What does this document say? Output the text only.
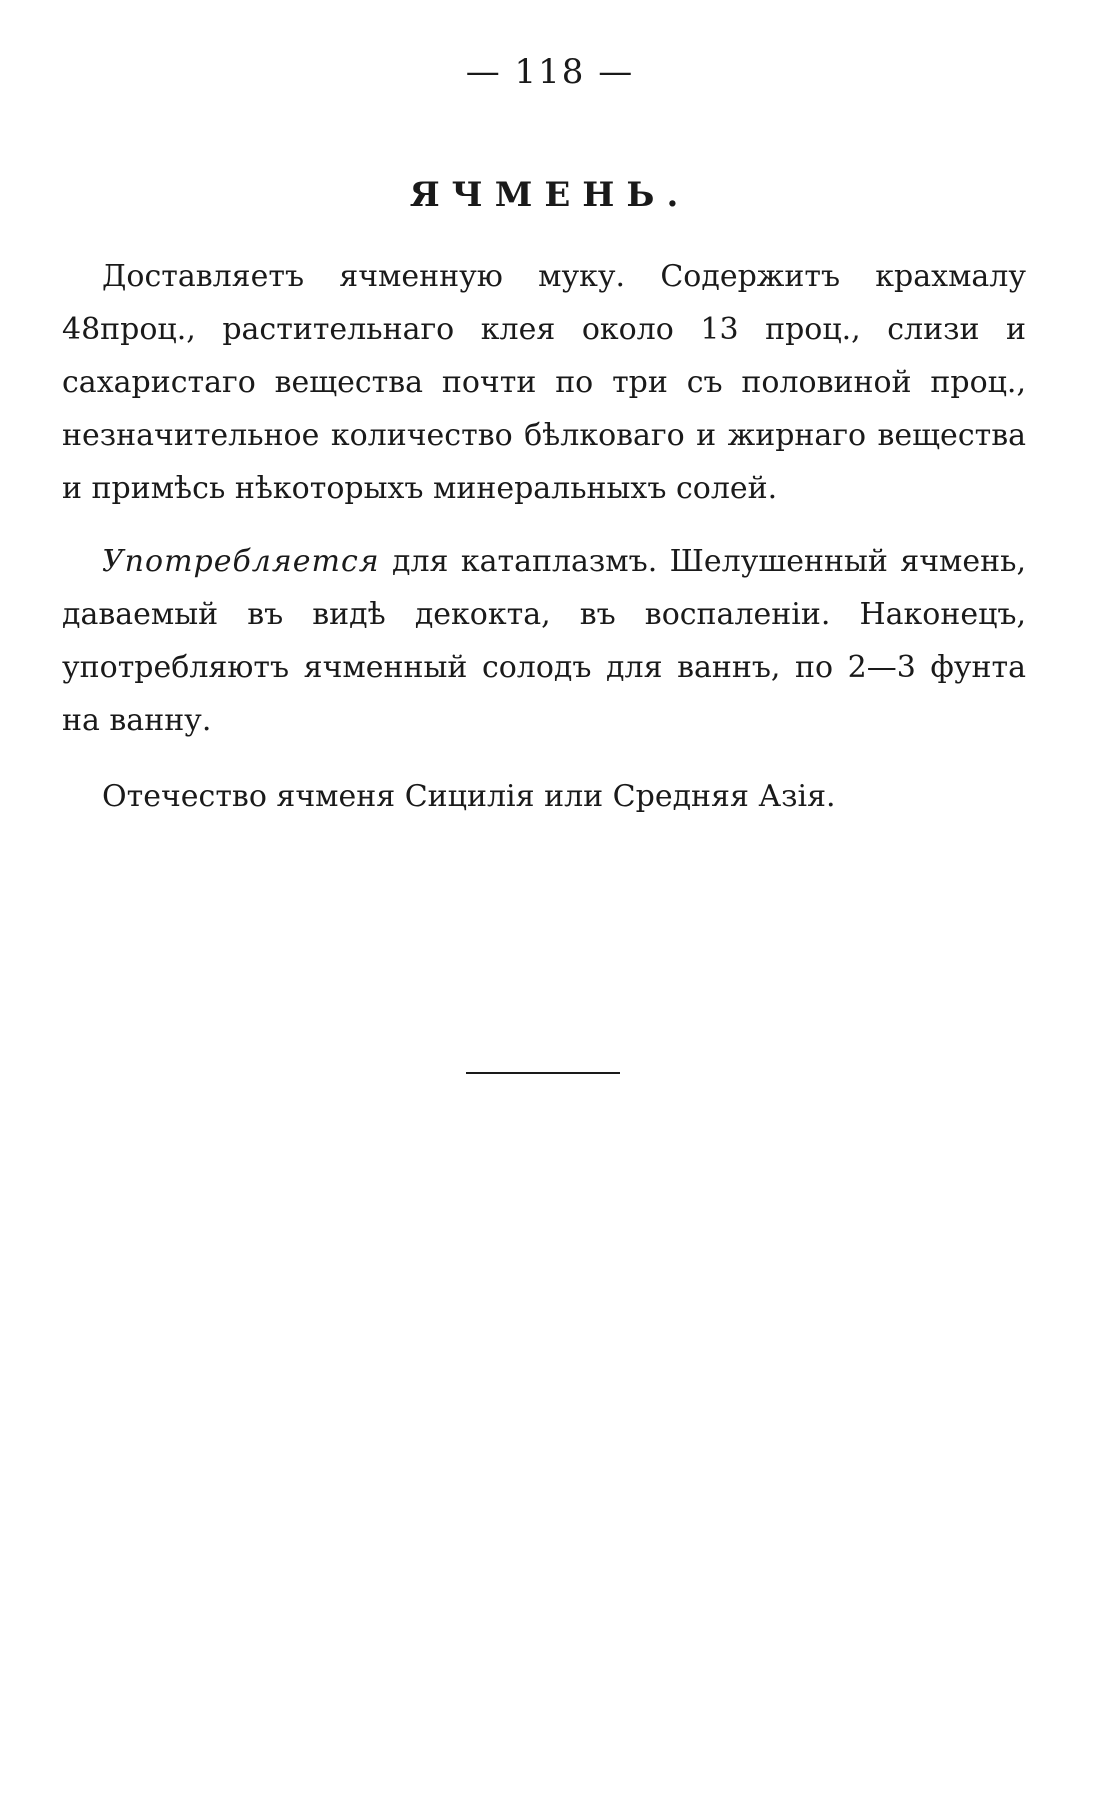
— 118 —
ЯЧМЕНЬ.

Доставляетъ ячменную муку. Содержитъ крахмалу 48проц., растительнаго клея около 13 проц., слизи и сахаристаго вещества почти по три съ половиной проц., незначительное количество бѣлковаго и жирнаго вещества и примѣсь нѣкоторыхъ минеральныхъ солей.

Употребляется для катаплазмъ. Шелушенный ячмень, даваемый въ видѣ декокта, въ воспаленіи. Наконецъ, употребляютъ ячменный солодъ для ваннъ, по 2—3 фунта на ванну.

Отечество ячменя Сицилія или Средняя Азія.
